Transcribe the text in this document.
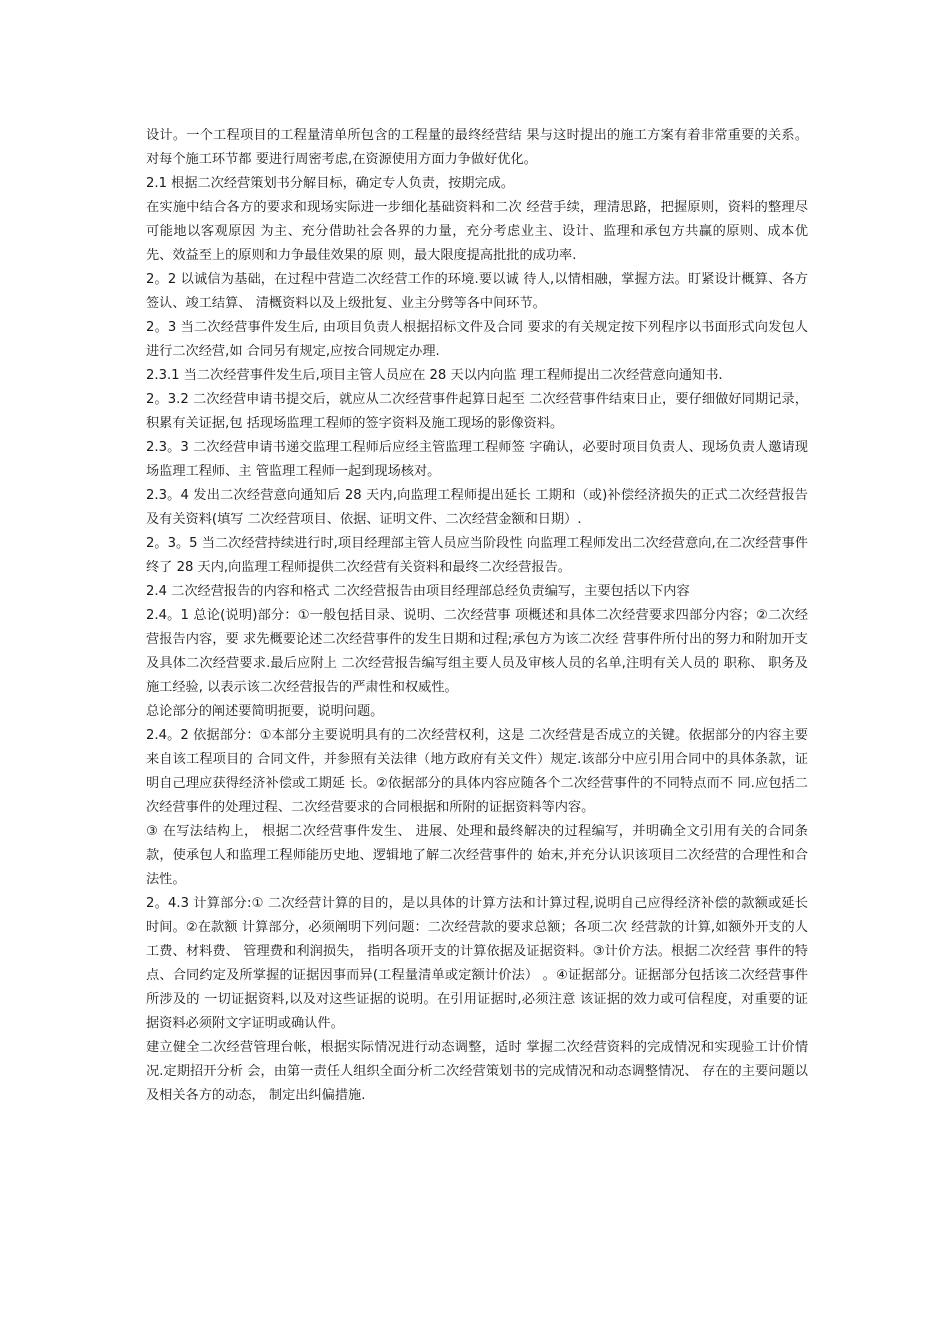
设计。一个工程项目的工程量清单所包含的工程量的最终经营结 果与这时提出的施工方案有着非常重要的关系。对每个施工环节都 要进行周密考虑,在资源使用方面力争做好优化。

2.1 根据二次经营策划书分解目标，确定专人负责，按期完成。

在实施中结合各方的要求和现场实际进一步细化基础资料和二次 经营手续，理清思路，把握原则，资料的整理尽可能地以客观原因 为主、充分借助社会各界的力量，充分考虑业主、设计、监理和承包方共赢的原则、成本优先、效益至上的原则和力争最佳效果的原 则，最大限度提高批批的成功率.

2。2 以诚信为基础，在过程中营造二次经营工作的环境.要以诚 待人,以情相融，掌握方法。盯紧设计概算、各方签认、竣工结算、 清概资料以及上级批复、业主分劈等各中间环节。

2。3 当二次经营事件发生后, 由项目负责人根据招标文件及合同 要求的有关规定按下列程序以书面形式向发包人进行二次经营,如 合同另有规定,应按合同规定办理.

2.3.1 当二次经营事件发生后,项目主管人员应在 28 天以内向监 理工程师提出二次经营意向通知书.

2。3.2 二次经营申请书提交后，就应从二次经营事件起算日起至 二次经营事件结束日止，要仔细做好同期记录，积累有关证据,包 括现场监理工程师的签字资料及施工现场的影像资料。

2.3。3 二次经营申请书递交监理工程师后应经主管监理工程师签 字确认，必要时项目负责人、现场负责人邀请现场监理工程师、主 管监理工程师一起到现场核对。

2.3。4 发出二次经营意向通知后 28 天内,向监理工程师提出延长 工期和（或)补偿经济损失的正式二次经营报告及有关资料(填写 二次经营项目、依据、证明文件、二次经营金额和日期）.

2。3。5 当二次经营持续进行时,项目经理部主管人员应当阶段性 向监理工程师发出二次经营意向,在二次经营事件终了 28 天内,向监理工程师提供二次经营有关资料和最终二次经营报告。

2.4 二次经营报告的内容和格式 二次经营报告由项目经理部总经负责编写，主要包括以下内容

2.4。1 总论(说明)部分：①一般包括目录、说明、二次经营事 项概述和具体二次经营要求四部分内容；②二次经营报告内容，要 求先概要论述二次经营事件的发生日期和过程;承包方为该二次经 营事件所付出的努力和附加开支及具体二次经营要求.最后应附上 二次经营报告编写组主要人员及审核人员的名单,注明有关人员的 职称、 职务及施工经验, 以表示该二次经营报告的严肃性和权威性。

总论部分的阐述要简明扼要，说明问题。

2.4。2 依据部分：①本部分主要说明具有的二次经营权利，这是 二次经营是否成立的关键。依据部分的内容主要来自该工程项目的 合同文件，并参照有关法律（地方政府有关文件）规定.该部分中应引用合同中的具体条款，证明自己理应获得经济补偿或工期延 长。②依据部分的具体内容应随各个二次经营事件的不同特点而不 同.应包括二次经营事件的处理过程、二次经营要求的合同根据和所附的证据资料等内容。

③ 在写法结构上， 根据二次经营事件发生、 进展、处理和最终解决的过程编写，并明确全文引用有关的合同条 款，使承包人和监理工程师能历史地、逻辑地了解二次经营事件的 始末,并充分认识该项目二次经营的合理性和合法性。

2。4.3 计算部分:① 二次经营计算的目的，是以具体的计算方法和计算过程,说明自己应得经济补偿的款额或延长时间。②在款额 计算部分，必须阐明下列问题：二次经营款的要求总额；各项二次 经营款的计算,如额外开支的人工费、材料费、 管理费和利润损失， 指明各项开支的计算依据及证据资料。③计价方法。根据二次经营 事件的特点、合同约定及所掌握的证据因事而异(工程量清单或定额计价法） 。④证据部分。证据部分包括该二次经营事件所涉及的 一切证据资料,以及对这些证据的说明。在引用证据时,必须注意 该证据的效力或可信程度，对重要的证据资料必须附文字证明或确认件。

建立健全二次经营管理台帐，根据实际情况进行动态调整，适时 掌握二次经营资料的完成情况和实现验工计价情况.定期招开分析 会，由第一责任人组织全面分析二次经营策划书的完成情况和动态调整情况、 存在的主要问题以及相关各方的动态， 制定出纠偏措施.
